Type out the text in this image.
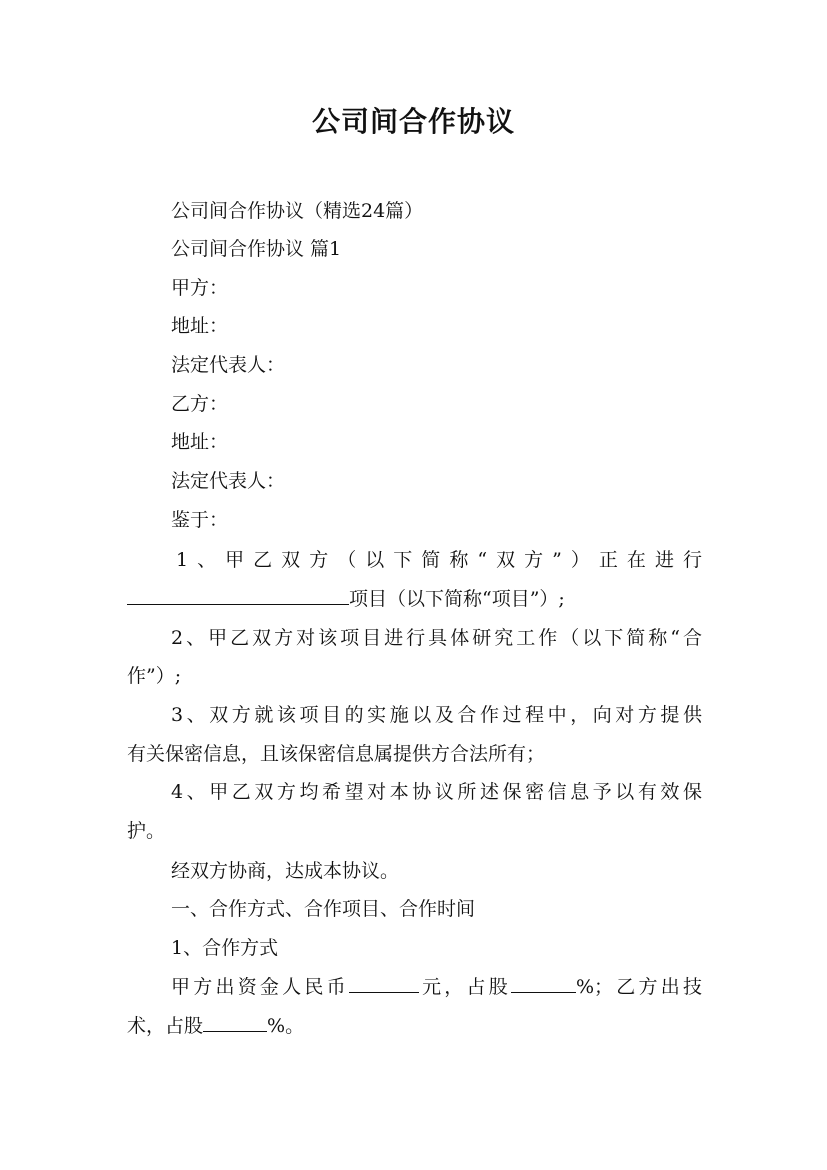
公司间合作协议
公司间合作协议（精选24篇）
公司间合作协议 篇1
甲方：
地址：
法定代表人：
乙方：
地址：
法定代表人：
鉴于：
1、甲乙双方（以下简称“双方”）正在进行
项目（以下简称“项目”）;
2、甲乙双方对该项目进行具体研究工作（以下简称“合
作”）;
3、双方就该项目的实施以及合作过程中，向对方提供
有关保密信息，且该保密信息属提供方合法所有；
4、甲乙双方均希望对本协议所述保密信息予以有效保
护。
经双方协商，达成本协议。
一、合作方式、合作项目、合作时间
1、合作方式
甲方出资金人民币	元，占股	%；乙方出技
术，占股	%。
